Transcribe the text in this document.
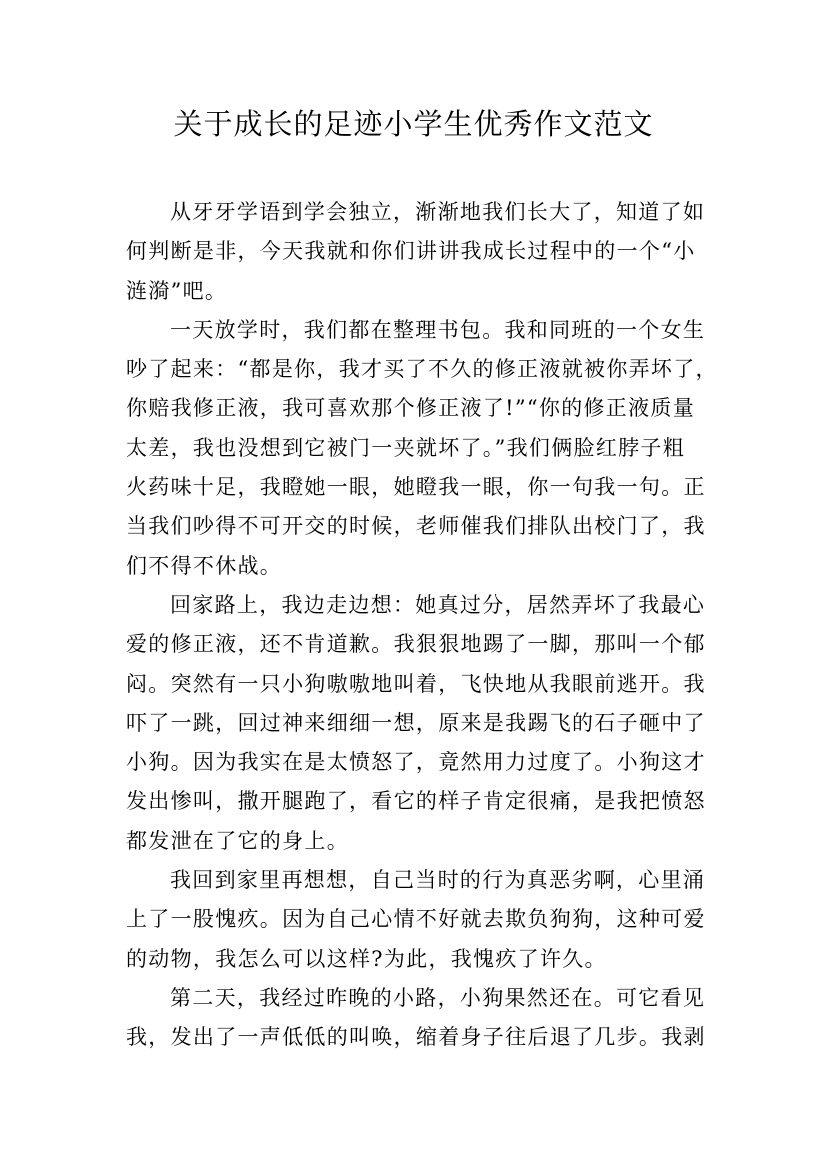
关于成长的足迹小学生优秀作文范文
从牙牙学语到学会独立，渐渐地我们长大了，知道了如
何判断是非，今天我就和你们讲讲我成长过程中的一个“小
涟漪”吧。
一天放学时，我们都在整理书包。我和同班的一个女生
吵了起来：“都是你，我才买了不久的修正液就被你弄坏了，
你赔我修正液，我可喜欢那个修正液了!”“你的修正液质量
太差，我也没想到它被门一夹就坏了。”我们俩脸红脖子粗
火药味十足，我瞪她一眼，她瞪我一眼，你一句我一句。正
当我们吵得不可开交的时候，老师催我们排队出校门了，我
们不得不休战。
回家路上，我边走边想：她真过分，居然弄坏了我最心
爱的修正液，还不肯道歉。我狠狠地踢了一脚，那叫一个郁
闷。突然有一只小狗嗷嗷地叫着，飞快地从我眼前逃开。我
吓了一跳，回过神来细细一想，原来是我踢飞的石子砸中了
小狗。因为我实在是太愤怒了，竟然用力过度了。小狗这才
发出惨叫，撒开腿跑了，看它的样子肯定很痛，是我把愤怒
都发泄在了它的身上。
我回到家里再想想，自己当时的行为真恶劣啊，心里涌
上了一股愧疚。因为自己心情不好就去欺负狗狗，这种可爱
的动物，我怎么可以这样?为此，我愧疚了许久。
第二天，我经过昨晚的小路，小狗果然还在。可它看见
我，发出了一声低低的叫唤，缩着身子往后退了几步。我剥
